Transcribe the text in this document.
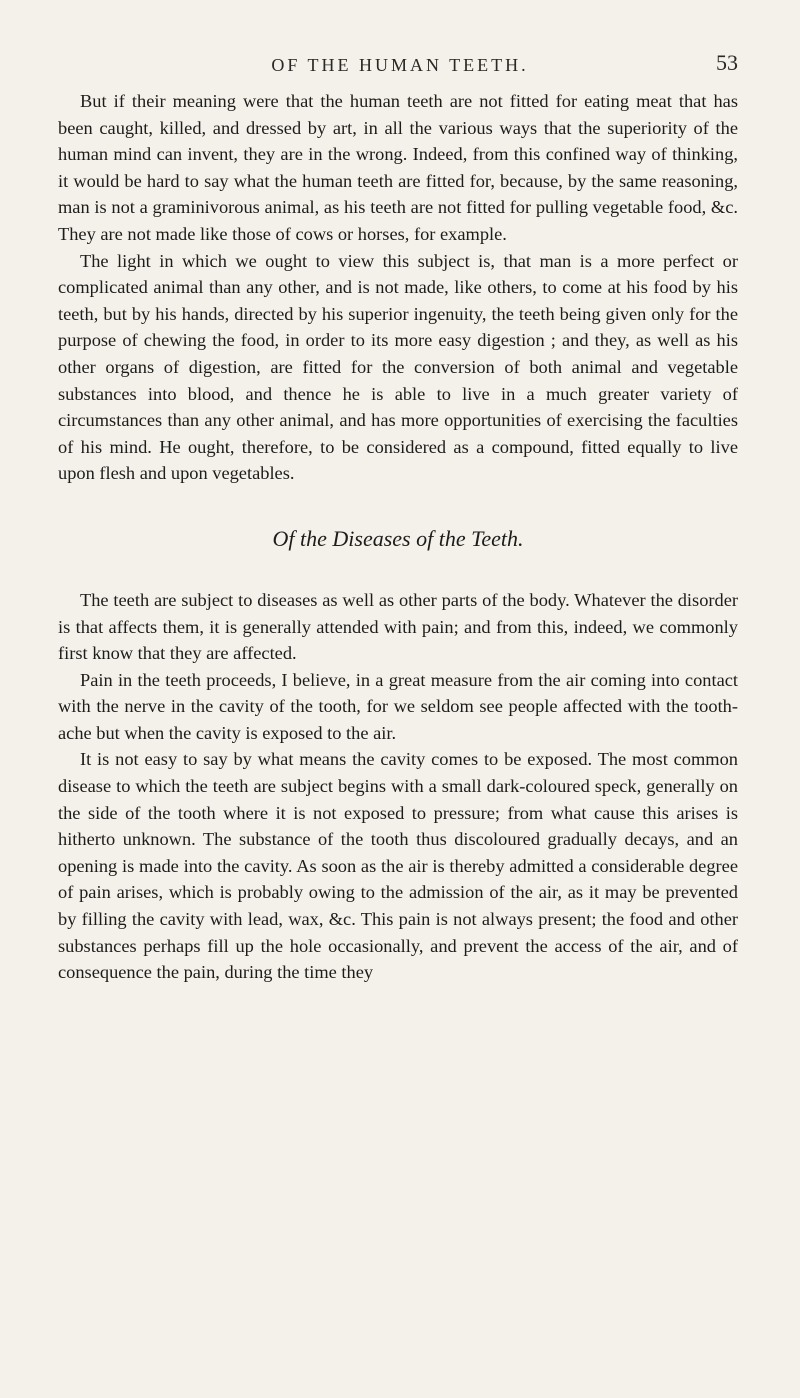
OF THE HUMAN TEETH.	53

But if their meaning were that the human teeth are not fitted for eating meat that has been caught, killed, and dressed by art, in all the various ways that the superiority of the human mind can invent, they are in the wrong. Indeed, from this confined way of thinking, it would be hard to say what the human teeth are fitted for, because, by the same reasoning, man is not a graminivorous animal, as his teeth are not fitted for pulling vegetable food, &c. They are not made like those of cows or horses, for example.

The light in which we ought to view this subject is, that man is a more perfect or complicated animal than any other, and is not made, like others, to come at his food by his teeth, but by his hands, directed by his superior ingenuity, the teeth being given only for the purpose of chewing the food, in order to its more easy digestion ; and they, as well as his other organs of digestion, are fitted for the conversion of both animal and vegetable substances into blood, and thence he is able to live in a much greater variety of circumstances than any other animal, and has more opportunities of exercising the faculties of his mind. He ought, therefore, to be considered as a compound, fitted equally to live upon flesh and upon vegetables.

Of the Diseases of the Teeth.

The teeth are subject to diseases as well as other parts of the body. Whatever the disorder is that affects them, it is generally attended with pain; and from this, indeed, we commonly first know that they are affected.

Pain in the teeth proceeds, I believe, in a great measure from the air coming into contact with the nerve in the cavity of the tooth, for we seldom see people affected with the tooth-ache but when the cavity is exposed to the air.

It is not easy to say by what means the cavity comes to be exposed. The most common disease to which the teeth are subject begins with a small dark-coloured speck, generally on the side of the tooth where it is not exposed to pressure; from what cause this arises is hitherto unknown. The substance of the tooth thus discoloured gradually decays, and an opening is made into the cavity. As soon as the air is thereby admitted a considerable degree of pain arises, which is probably owing to the admission of the air, as it may be prevented by filling the cavity with lead, wax, &c. This pain is not always present; the food and other substances perhaps fill up the hole occasionally, and prevent the access of the air, and of consequence the pain, during the time they
